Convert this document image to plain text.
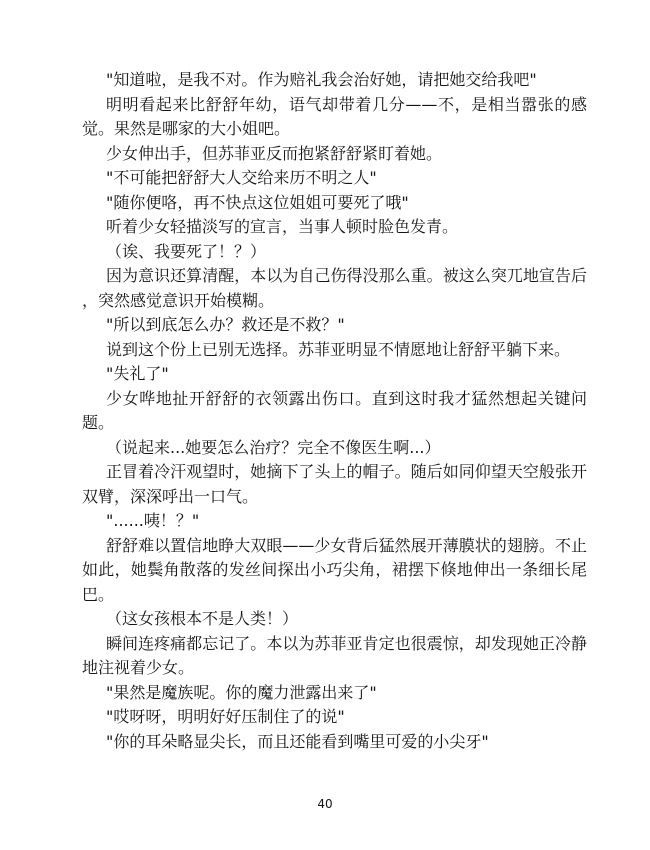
"知道啦，是我不对。作为赔礼我会治好她，请把她交给我吧"
明明看起来比舒舒年幼，语气却带着几分——不，是相当嚣张的感
觉。果然是哪家的大小姐吧。
少女伸出手，但苏菲亚反而抱紧舒舒紧盯着她。
"不可能把舒舒大人交给来历不明之人"
"随你便咯，再不快点这位姐姐可要死了哦"
听着少女轻描淡写的宣言，当事人顿时脸色发青。
（诶、我要死了！？）
因为意识还算清醒，本以为自己伤得没那么重。被这么突兀地宣告后
，突然感觉意识开始模糊。
"所以到底怎么办？救还是不救？"
说到这个份上已别无选择。苏菲亚明显不情愿地让舒舒平躺下来。
"失礼了"
少女哗地扯开舒舒的衣领露出伤口。直到这时我才猛然想起关键问
题。
（说起来...她要怎么治疗？完全不像医生啊...）
正冒着冷汗观望时，她摘下了头上的帽子。随后如同仰望天空般张开
双臂，深深呼出一口气。
"......咦！？"
舒舒难以置信地睁大双眼——少女背后猛然展开薄膜状的翅膀。不止
如此，她鬓角散落的发丝间探出小巧尖角，裙摆下倏地伸出一条细长尾
巴。
（这女孩根本不是人类！）
瞬间连疼痛都忘记了。本以为苏菲亚肯定也很震惊，却发现她正冷静
地注视着少女。
"果然是魔族呢。你的魔力泄露出来了"
"哎呀呀，明明好好压制住了的说"
"你的耳朵略显尖长，而且还能看到嘴里可爱的小尖牙"
40
